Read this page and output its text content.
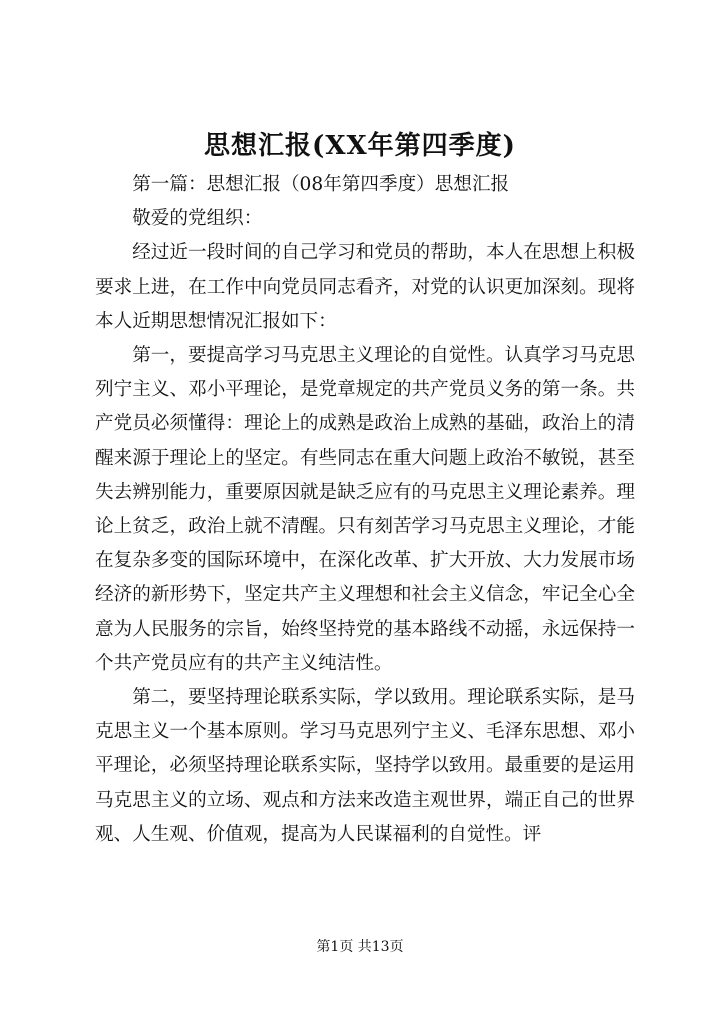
思想汇报(XX年第四季度)

第一篇：思想汇报（08年第四季度）思想汇报

敬爱的党组织：

经过近一段时间的自己学习和党员的帮助，本人在思想上积极要求上进，在工作中向党员同志看齐，对党的认识更加深刻。现将本人近期思想情况汇报如下：

第一，要提高学习马克思主义理论的自觉性。认真学习马克思列宁主义、邓小平理论，是党章规定的共产党员义务的第一条。共产党员必须懂得：理论上的成熟是政治上成熟的基础，政治上的清醒来源于理论上的坚定。有些同志在重大问题上政治不敏锐，甚至失去辨别能力，重要原因就是缺乏应有的马克思主义理论素养。理论上贫乏，政治上就不清醒。只有刻苦学习马克思主义理论，才能在复杂多变的国际环境中，在深化改革、扩大开放、大力发展市场经济的新形势下，坚定共产主义理想和社会主义信念，牢记全心全意为人民服务的宗旨，始终坚持党的基本路线不动摇，永远保持一个共产党员应有的共产主义纯洁性。

第二，要坚持理论联系实际，学以致用。理论联系实际，是马克思主义一个基本原则。学习马克思列宁主义、毛泽东思想、邓小平理论，必须坚持理论联系实际，坚持学以致用。最重要的是运用马克思主义的立场、观点和方法来改造主观世界，端正自己的世界观、人生观、价值观，提高为人民谋福利的自觉性。评

第1页 共13页
